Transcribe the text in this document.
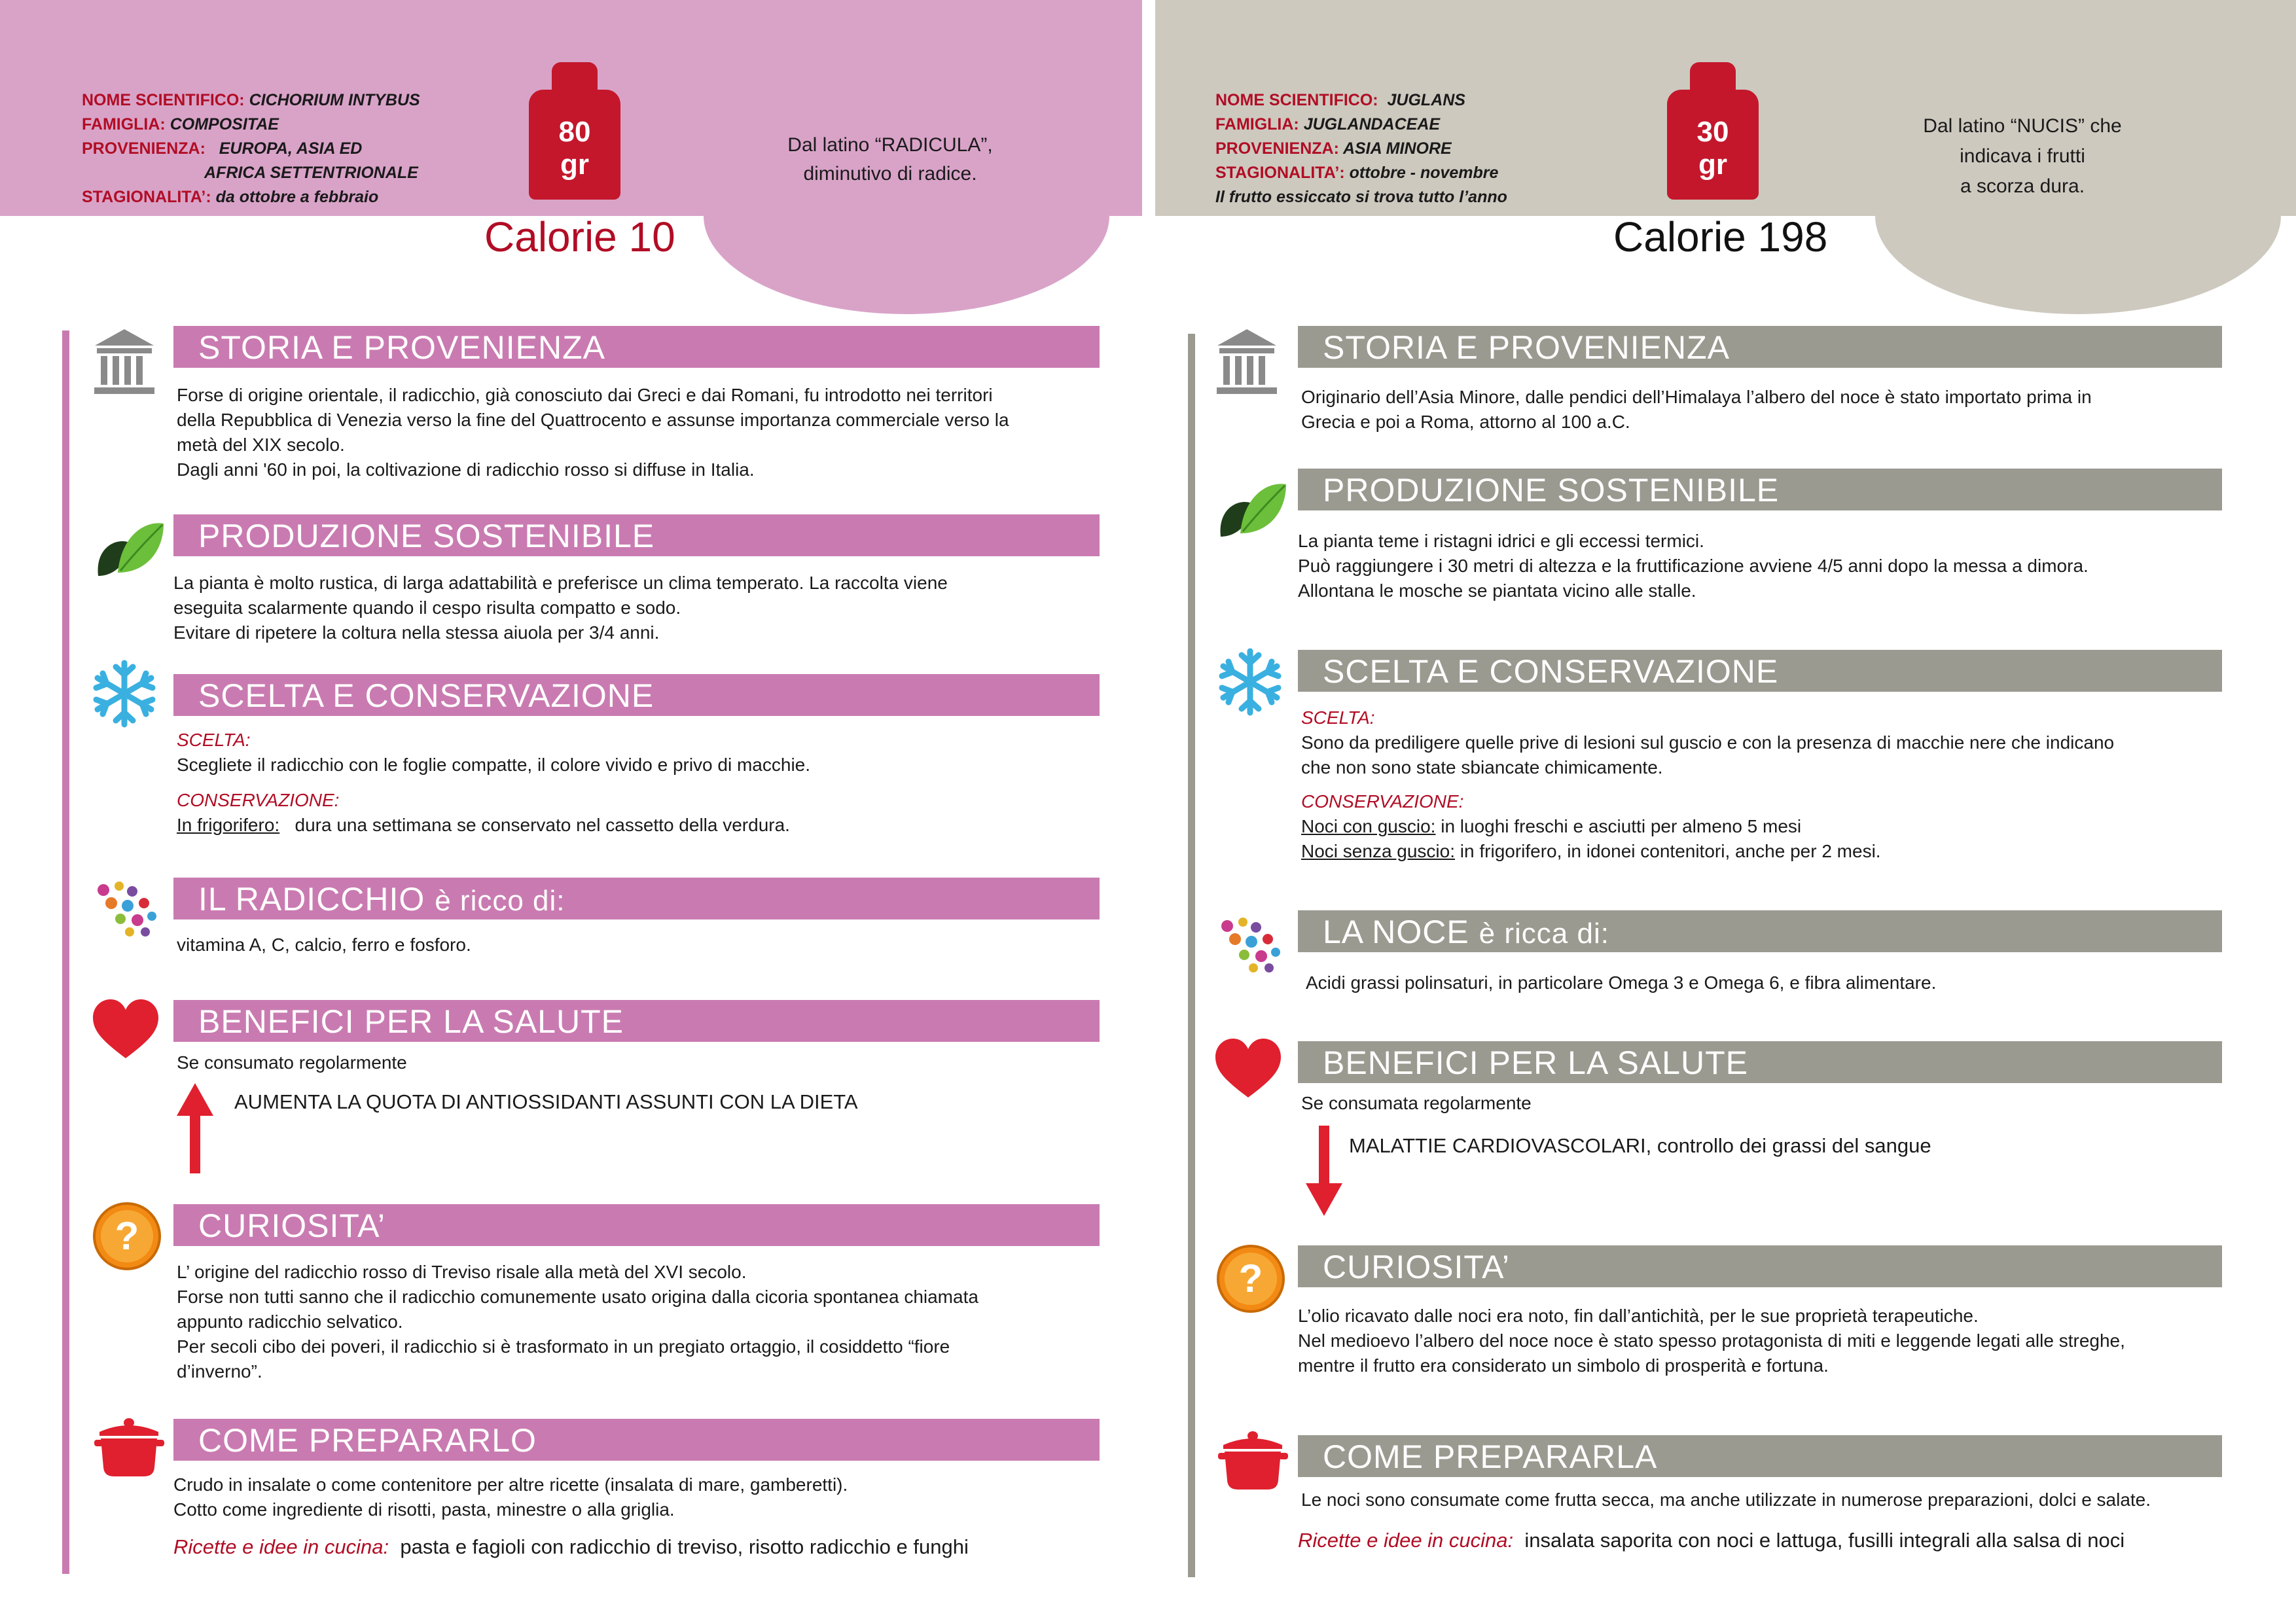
NOME SCIENTIFICO: CICHORIUM INTYBUS
FAMIGLIA: COMPOSITAE
PROVENIENZA: EUROPA, ASIA ED
AFRICA SETTENTRIONALE
STAGIONALITA’: da ottobre a febbraio
80
gr
Dal latino “RADICULA”,
diminutivo di radice.
Calorie 10
STORIA E PROVENIENZA
Forse di origine orientale, il radicchio, già conosciuto dai Greci e dai Romani, fu introdotto nei territori
della Repubblica di Venezia verso la fine del Quattrocento e assunse importanza commerciale verso la
metà del XIX secolo.
Dagli anni '60 in poi, la coltivazione di radicchio rosso si diffuse in Italia.
PRODUZIONE SOSTENIBILE
La pianta è molto rustica, di larga adattabilità e preferisce un clima temperato. La raccolta viene
eseguita scalarmente quando il cespo risulta compatto e sodo.
Evitare di ripetere la coltura nella stessa aiuola per 3/4 anni.
SCELTA E CONSERVAZIONE
SCELTA:
Scegliete il radicchio con le foglie compatte, il colore vivido e privo di macchie.
CONSERVAZIONE:
In frigorifero: dura una settimana se conservato nel cassetto della verdura.
IL RADICCHIO è ricco di:
vitamina A, C, calcio, ferro e fosforo.
BENEFICI PER LA SALUTE
Se consumato regolarmente
AUMENTA LA QUOTA DI ANTIOSSIDANTI ASSUNTI CON LA DIETA
?	CURIOSITA’
L’ origine del radicchio rosso di Treviso risale alla metà del XVI secolo.
Forse non tutti sanno che il radicchio comunemente usato origina dalla cicoria spontanea chiamata
appunto radicchio selvatico.
Per secoli cibo dei poveri, il radicchio si è trasformato in un pregiato ortaggio, il cosiddetto “fiore
d’inverno”.
COME PREPARARLO
Crudo in insalate o come contenitore per altre ricette (insalata di mare, gamberetti).
Cotto come ingrediente di risotti, pasta, minestre o alla griglia.
Ricette e idee in cucina: pasta e fagioli con radicchio di treviso, risotto radicchio e funghi
NOME SCIENTIFICO: JUGLANS
FAMIGLIA: JUGLANDACEAE
PROVENIENZA: ASIA MINORE
STAGIONALITA’: ottobre - novembre
Il frutto essiccato si trova tutto l’anno
30
gr
Dal latino “NUCIS” che
indicava i frutti
a scorza dura.
Calorie 198
STORIA E PROVENIENZA
Originario dell’Asia Minore, dalle pendici dell’Himalaya l’albero del noce è stato importato prima in
Grecia e poi a Roma, attorno al 100 a.C.
PRODUZIONE SOSTENIBILE
La pianta teme i ristagni idrici e gli eccessi termici.
Può raggiungere i 30 metri di altezza e la fruttificazione avviene 4/5 anni dopo la messa a dimora.
Allontana le mosche se piantata vicino alle stalle.
SCELTA E CONSERVAZIONE
SCELTA:
Sono da prediligere quelle prive di lesioni sul guscio e con la presenza di macchie nere che indicano
che non sono state sbiancate chimicamente.
CONSERVAZIONE:
Noci con guscio: in luoghi freschi e asciutti per almeno 5 mesi
Noci senza guscio: in frigorifero, in idonei contenitori, anche per 2 mesi.
LA NOCE è ricca di:
Acidi grassi polinsaturi, in particolare Omega 3 e Omega 6, e fibra alimentare.
BENEFICI PER LA SALUTE
Se consumata regolarmente
MALATTIE CARDIOVASCOLARI, controllo dei grassi del sangue
?	CURIOSITA’
L’olio ricavato dalle noci era noto, fin dall’antichità, per le sue proprietà terapeutiche.
Nel medioevo l’albero del noce noce è stato spesso protagonista di miti e leggende legati alle streghe,
mentre il frutto era considerato un simbolo di prosperità e fortuna.
COME PREPARARLA
Le noci sono consumate come frutta secca, ma anche utilizzate in numerose preparazioni, dolci e salate.
Ricette e idee in cucina: insalata saporita con noci e lattuga, fusilli integrali alla salsa di noci
